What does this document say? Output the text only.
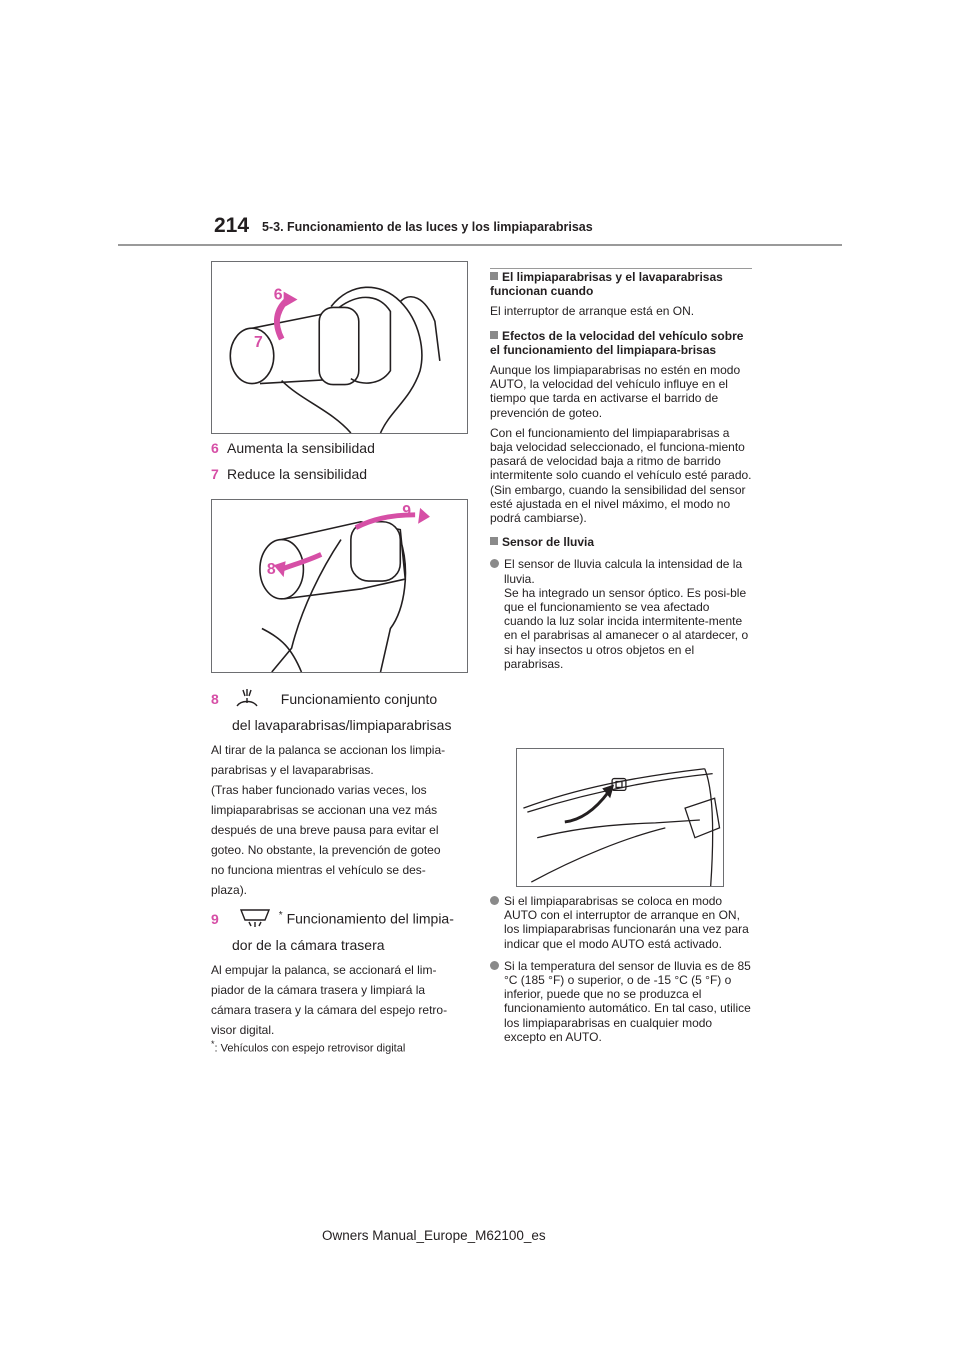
214 5-3. Funcionamiento de las luces y los limpiaparabrisas
6
7
6 Aumenta la sensibilidad
7 Reduce la sensibilidad
9
8
8	Funcionamiento conjunto
del lavaparabrisas/limpiaparabrisas
Al tirar de la palanca se accionan los limpia-
parabrisas y el lavaparabrisas.
(Tras haber funcionado varias veces, los
limpiaparabrisas se accionan una vez más
después de una breve pausa para evitar el
goteo. No obstante, la prevención de goteo
no funciona mientras el vehículo se des-
plaza).
9	* Funcionamiento del limpia-
dor de la cámara trasera
Al empujar la palanca, se accionará el lim-
piador de la cámara trasera y limpiará la
cámara trasera y la cámara del espejo retro-
visor digital.
*: Vehículos con espejo retrovisor digital

El limpiaparabrisas y el lavaparabrisas funcionan cuando

El interruptor de arranque está en ON.

Efectos de la velocidad del vehículo sobre el funcionamiento del limpiapara-brisas

Aunque los limpiaparabrisas no estén en modo AUTO, la velocidad del vehículo influye en el tiempo que tarda en activarse el barrido de prevención de goteo.

Con el funcionamiento del limpiaparabrisas a baja velocidad seleccionado, el funciona-miento pasará de velocidad baja a ritmo de barrido intermitente solo cuando el vehículo esté parado.

(Sin embargo, cuando la sensibilidad del sensor esté ajustada en el nivel máximo, el modo no podrá cambiarse).

Sensor de lluvia

El sensor de lluvia calcula la intensidad de la lluvia.

Se ha integrado un sensor óptico. Es posi-ble que el funcionamiento se vea afectado cuando la luz solar incida intermitente-mente en el parabrisas al amanecer o al atardecer, o si hay insectos u otros objetos en el parabrisas.

Si el limpiaparabrisas se coloca en modo AUTO con el interruptor de arranque en ON, los limpiaparabrisas funcionarán una vez para indicar que el modo AUTO está activado.

Si la temperatura del sensor de lluvia es de 85 °C (185 °F) o superior, o de -15 °C (5 °F) o inferior, puede que no se produzca el funcionamiento automático. En tal caso, utilice los limpiaparabrisas en cualquier modo excepto en AUTO.

Owners Manual_Europe_M62100_es
